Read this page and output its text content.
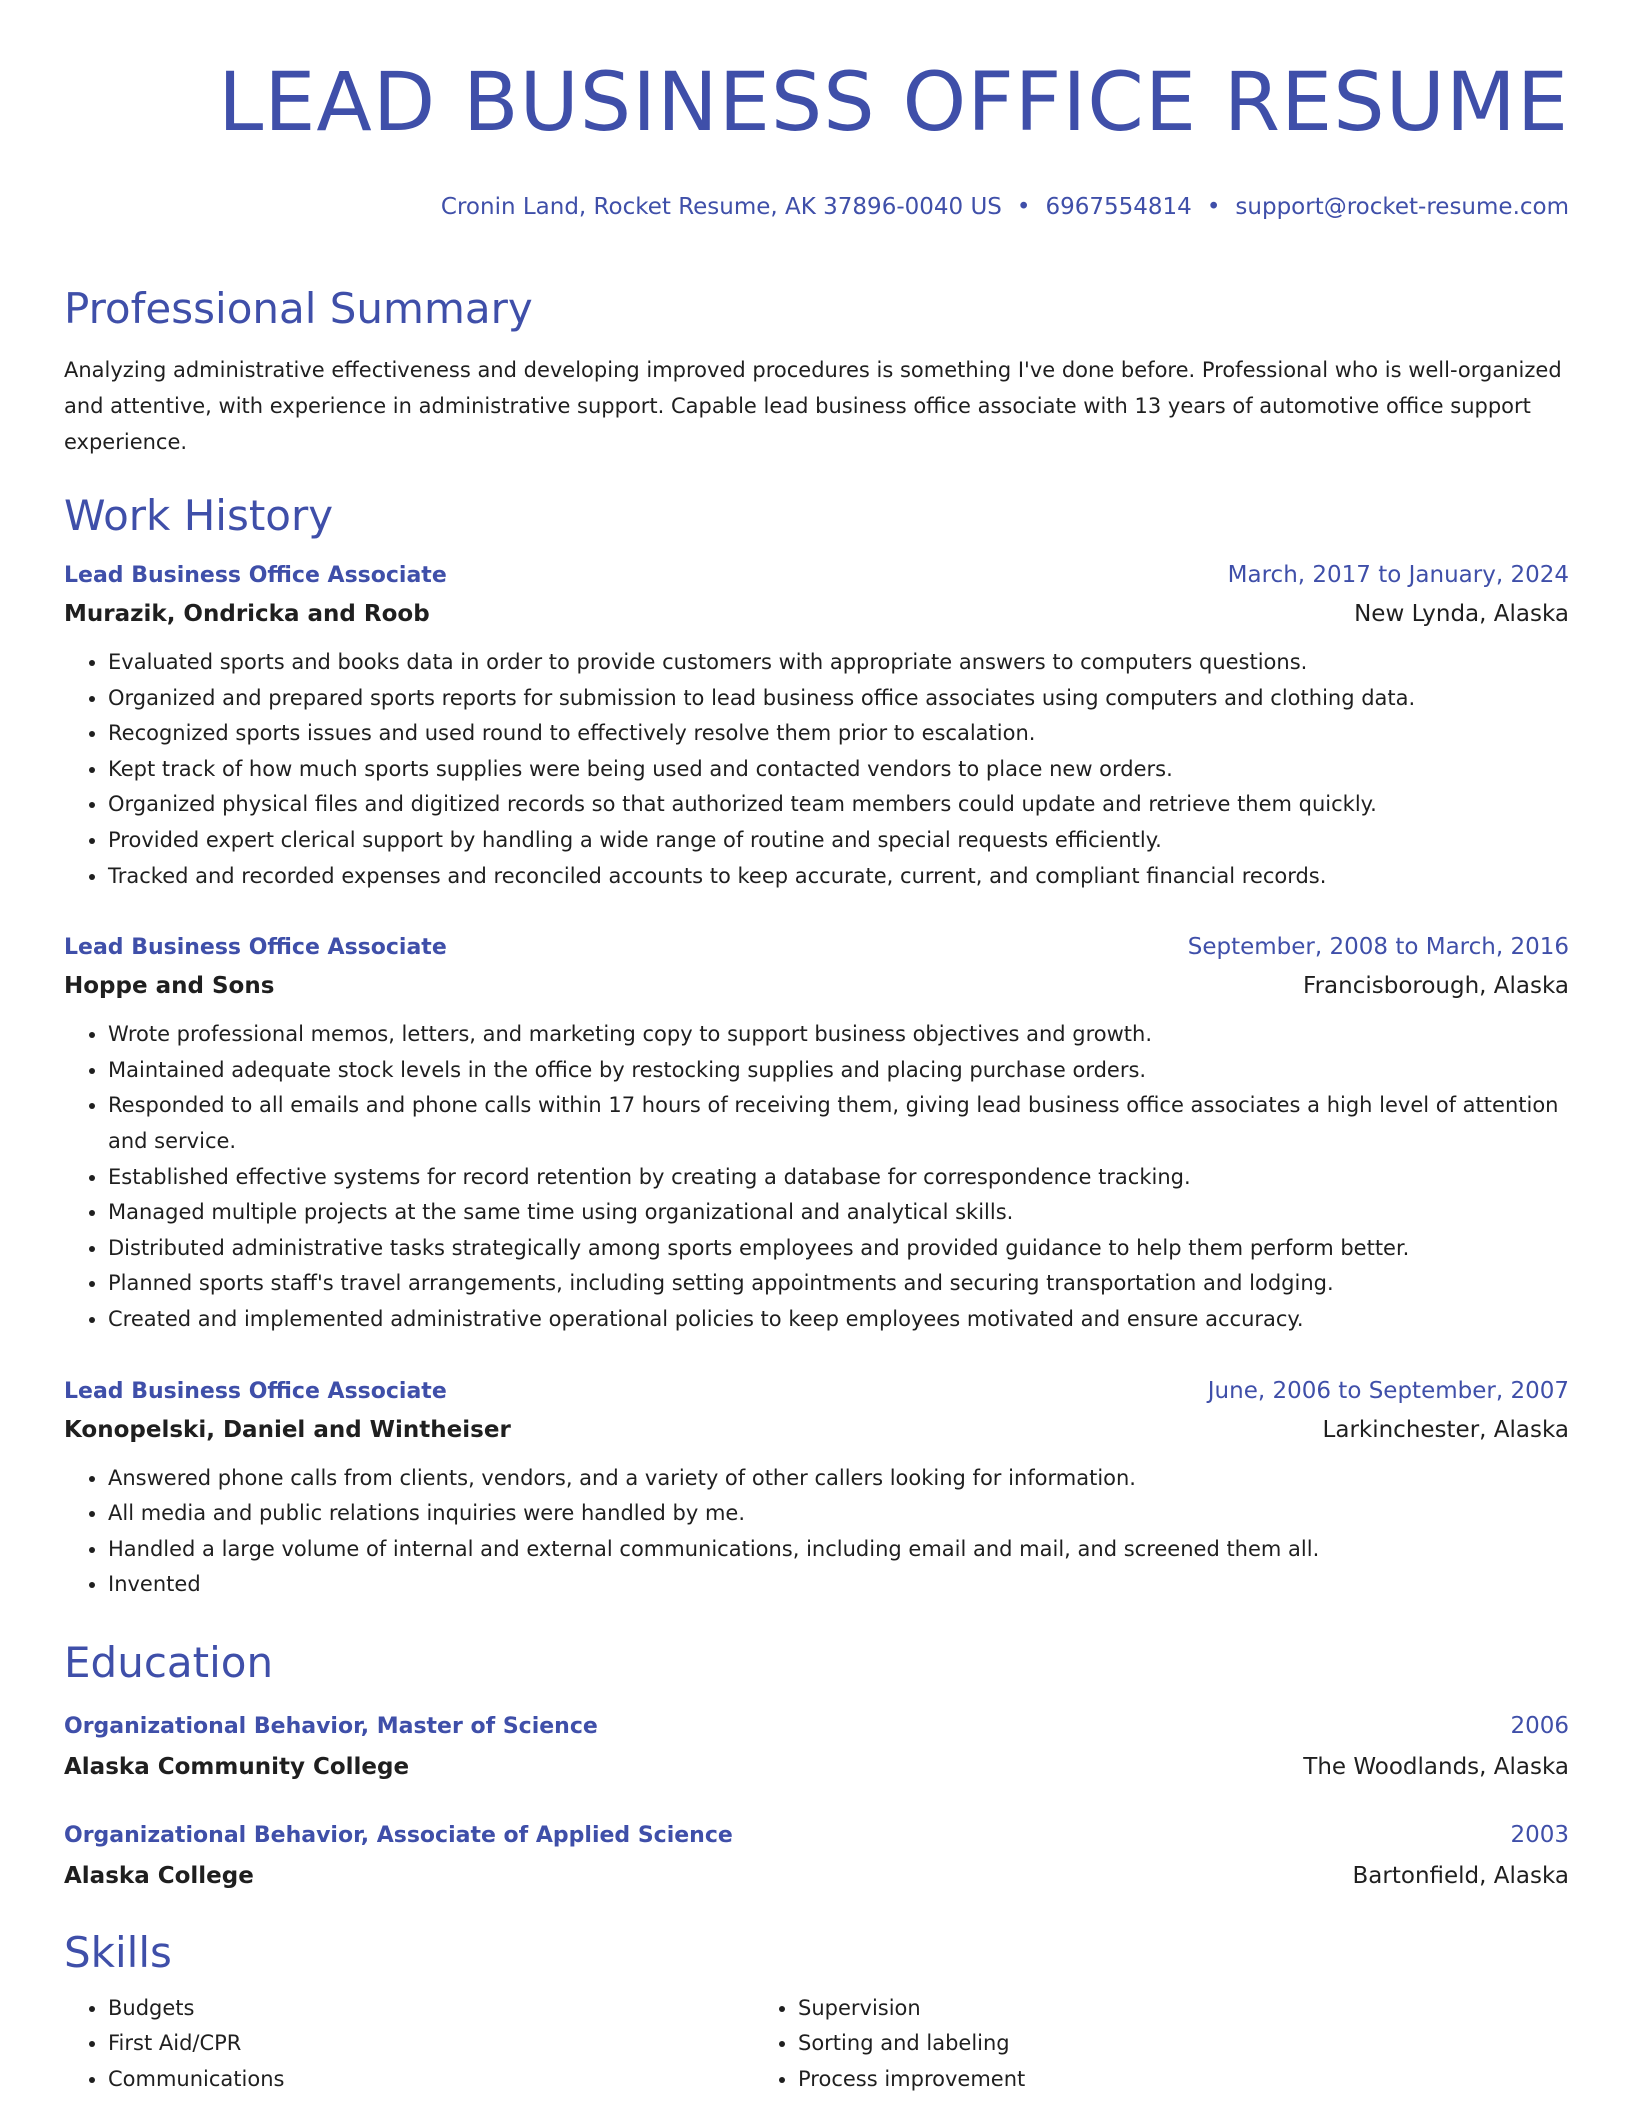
LEAD BUSINESS OFFICE RESUME
Cronin Land, Rocket Resume, AK 37896-0040 US • 6967554814 • support@rocket-resume.com
Professional Summary

Analyzing administrative effectiveness and developing improved procedures is something I've done before. Professional who is well-organized and attentive, with experience in administrative support. Capable lead business office associate with 13 years of automotive office support experience.

Work History
Lead Business Office Associate	March, 2017 to January, 2024
Murazik, Ondricka and Roob	New Lynda, Alaska
• Evaluated sports and books data in order to provide customers with appropriate answers to computers questions.
• Organized and prepared sports reports for submission to lead business office associates using computers and clothing data.
• Recognized sports issues and used round to effectively resolve them prior to escalation.
• Kept track of how much sports supplies were being used and contacted vendors to place new orders.
• Organized physical files and digitized records so that authorized team members could update and retrieve them quickly.
• Provided expert clerical support by handling a wide range of routine and special requests efficiently.
• Tracked and recorded expenses and reconciled accounts to keep accurate, current, and compliant financial records.
Lead Business Office Associate	September, 2008 to March, 2016
Hoppe and Sons	Francisborough, Alaska
• Wrote professional memos, letters, and marketing copy to support business objectives and growth.
• Maintained adequate stock levels in the office by restocking supplies and placing purchase orders.
• Responded to all emails and phone calls within 17 hours of receiving them, giving lead business office associates a high level of attention and service.
• Established effective systems for record retention by creating a database for correspondence tracking.
• Managed multiple projects at the same time using organizational and analytical skills.
• Distributed administrative tasks strategically among sports employees and provided guidance to help them perform better.
• Planned sports staff's travel arrangements, including setting appointments and securing transportation and lodging.
• Created and implemented administrative operational policies to keep employees motivated and ensure accuracy.
Lead Business Office Associate	June, 2006 to September, 2007
Konopelski, Daniel and Wintheiser	Larkinchester, Alaska
• Answered phone calls from clients, vendors, and a variety of other callers looking for information.
• All media and public relations inquiries were handled by me.
• Handled a large volume of internal and external communications, including email and mail, and screened them all.
• Invented
Education
Organizational Behavior, Master of Science	2006
Alaska Community College	The Woodlands, Alaska
Organizational Behavior, Associate of Applied Science	2003
Alaska College	Bartonfield, Alaska
Skills
• Budgets
• First Aid/CPR
• Communications
• Supervision
• Sorting and labeling
• Process improvement
